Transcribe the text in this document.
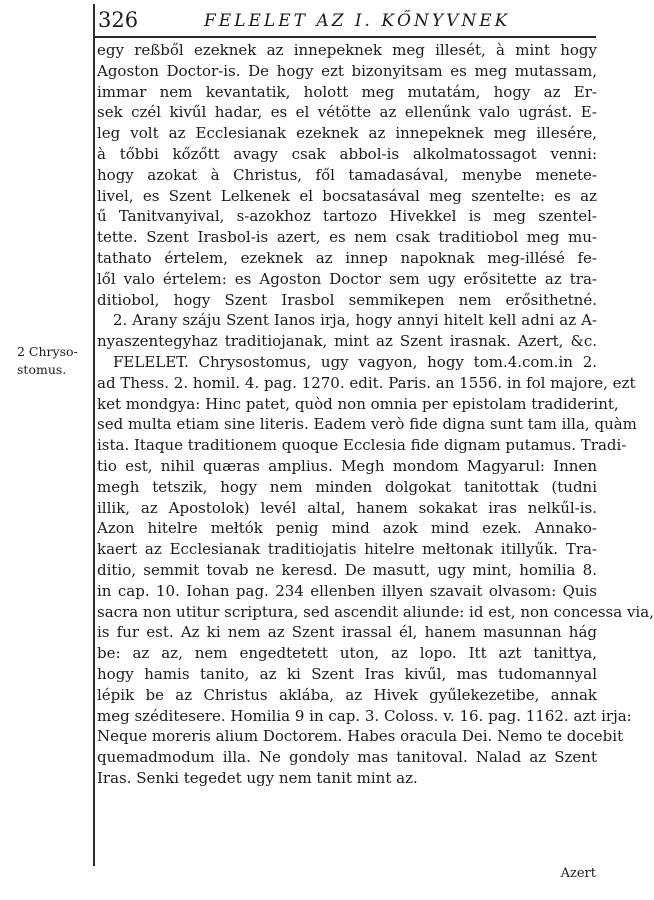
326	FELELET AZ I. KŐNYVNEK
2 Chryso-
stomus.
egy reßből ezeknek az innepeknek meg illesét, à mint hogy
Agoston Doctor-is. De hogy ezt bizonyitsam es meg mutassam,
immar nem kevantatik, holott meg mutatám, hogy az Er-
sek czél kivűl hadar, es el vétötte az ellenűnk valo ugrást. E-
leg volt az Ecclesianak ezeknek az innepeknek meg illesére,
à tőbbi kőzőtt avagy csak abbol-is alkolmatossagot venni:
hogy azokat à Christus, fől tamadasával, menybe menete-
livel, es Szent Lelkenek el bocsatasával meg szentelte: es az
ű Tanitvanyival, s-azokhoz tartozo Hivekkel is meg szentel-
tette. Szent Irasbol-is azert, es nem csak traditiobol meg mu-
tathato értelem, ezeknek az innep napoknak meg-illésé fe-
lől valo értelem: es Agoston Doctor sem ugy erősitette az tra-
ditiobol, hogy Szent Irasbol semmikepen nem erősithetné.
2. Arany száju Szent Ianos irja, hogy annyi hitelt kell adni az A-
nyaszentegyhaz traditiojanak, mint az Szent irasnak. Azert, &c.
FELELET. Chrysostomus, ugy vagyon, hogy tom.4.com.in 2.
ad Thess. 2. homil. 4. pag. 1270. edit. Paris. an 1556. in fol majore, ezt
ket mondgya: Hinc patet, quòd non omnia per epistolam tradiderint,
sed multa etiam sine literis. Eadem verò fide digna sunt tam illa, quàm
ista. Itaque traditionem quoque Ecclesia fide dignam putamus. Tradi-
tio est, nihil quæras amplius. Megh mondom Magyarul: Innen
megh tetszik, hogy nem minden dolgokat tanitottak (tudni
illik, az Apostolok) levél altal, hanem sokakat iras nelkűl-is.
Azon hitelre mełtók penig mind azok mind ezek. Annako-
kaert az Ecclesianak traditiojatis hitelre mełtonak itillyűk. Tra-
ditio, semmit tovab ne keresd. De masutt, ugy mint, homilia 8.
in cap. 10. Iohan pag. 234 ellenben illyen szavait olvasom: Quis
sacra non utitur scriptura, sed ascendit aliunde: id est, non concessa via,
is fur est. Az ki nem az Szent irassal él, hanem masunnan hág
be: az az, nem engedtetett uton, az lopo. Itt azt tanittya,
hogy hamis tanito, az ki Szent Iras kivűl, mas tudomannyal
lépik be az Christus aklába, az Hivek gyűlekezetibe, annak
meg széditesere. Homilia 9 in cap. 3. Coloss. v. 16. pag. 1162. azt irja:
Neque moreris alium Doctorem. Habes oracula Dei. Nemo te docebit
quemadmodum illa. Ne gondoly mas tanitoval. Nalad az Szent
Iras. Senki tegedet ugy nem tanit mint az.
Azert
